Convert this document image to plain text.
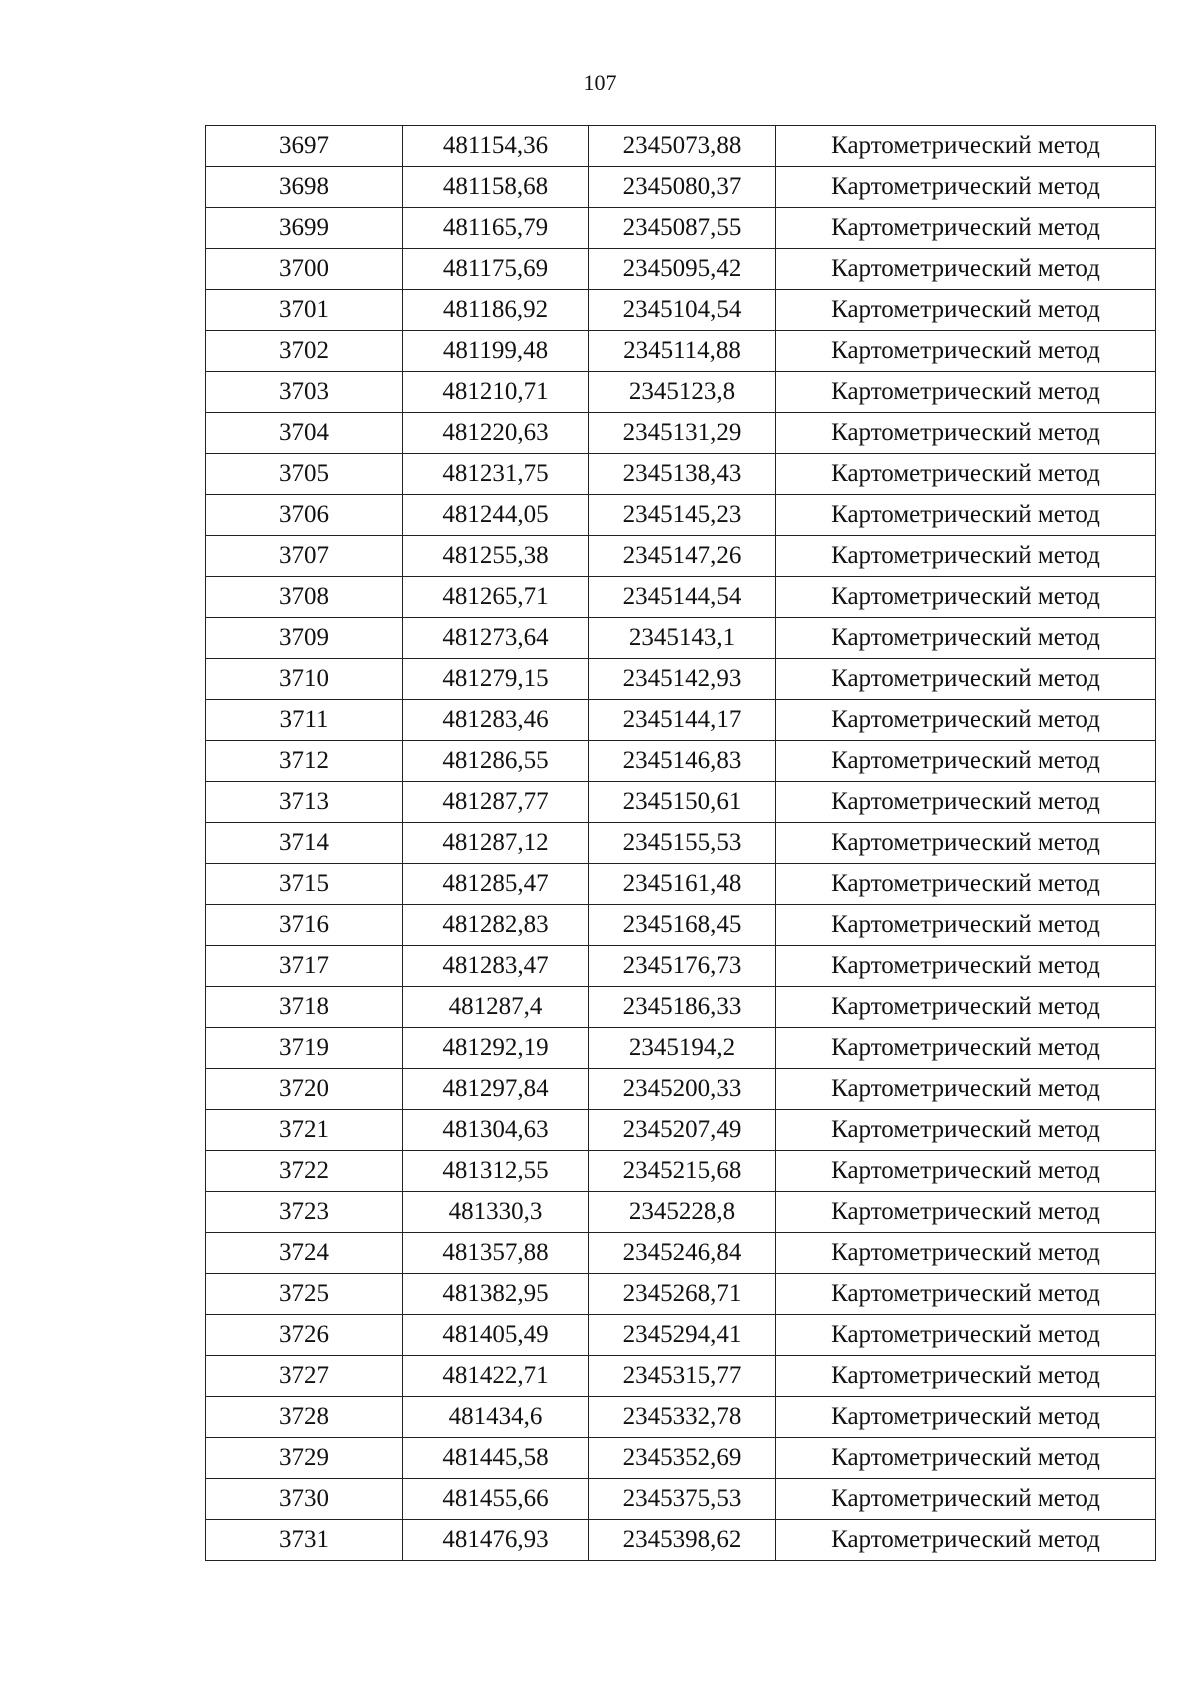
107
3697	481154,36	2345073,88	Картометрический метод
3698	481158,68	2345080,37	Картометрический метод
3699	481165,79	2345087,55	Картометрический метод
3700	481175,69	2345095,42	Картометрический метод
3701	481186,92	2345104,54	Картометрический метод
3702	481199,48	2345114,88	Картометрический метод
3703	481210,71	2345123,8	Картометрический метод
3704	481220,63	2345131,29	Картометрический метод
3705	481231,75	2345138,43	Картометрический метод
3706	481244,05	2345145,23	Картометрический метод
3707	481255,38	2345147,26	Картометрический метод
3708	481265,71	2345144,54	Картометрический метод
3709	481273,64	2345143,1	Картометрический метод
3710	481279,15	2345142,93	Картометрический метод
3711	481283,46	2345144,17	Картометрический метод
3712	481286,55	2345146,83	Картометрический метод
3713	481287,77	2345150,61	Картометрический метод
3714	481287,12	2345155,53	Картометрический метод
3715	481285,47	2345161,48	Картометрический метод
3716	481282,83	2345168,45	Картометрический метод
3717	481283,47	2345176,73	Картометрический метод
3718	481287,4	2345186,33	Картометрический метод
3719	481292,19	2345194,2	Картометрический метод
3720	481297,84	2345200,33	Картометрический метод
3721	481304,63	2345207,49	Картометрический метод
3722	481312,55	2345215,68	Картометрический метод
3723	481330,3	2345228,8	Картометрический метод
3724	481357,88	2345246,84	Картометрический метод
3725	481382,95	2345268,71	Картометрический метод
3726	481405,49	2345294,41	Картометрический метод
3727	481422,71	2345315,77	Картометрический метод
3728	481434,6	2345332,78	Картометрический метод
3729	481445,58	2345352,69	Картометрический метод
3730	481455,66	2345375,53	Картометрический метод
3731	481476,93	2345398,62	Картометрический метод
